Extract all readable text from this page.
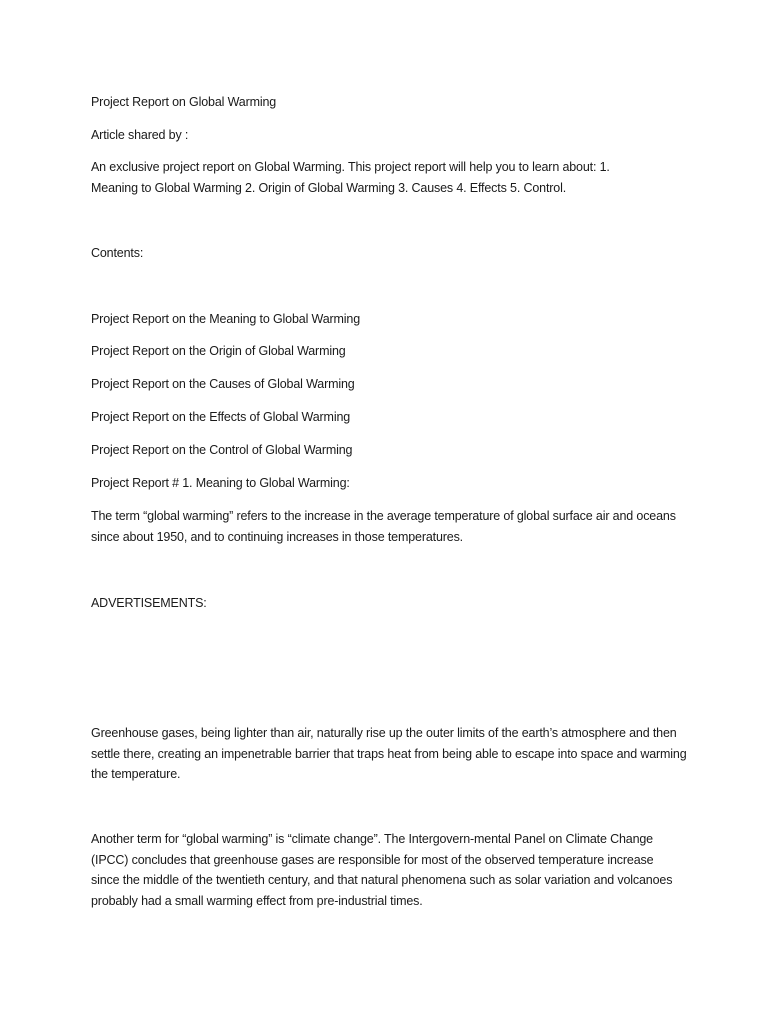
Project Report on Global Warming

Article shared by :

An exclusive project report on Global Warming. This project report will help you to learn about: 1. Meaning to Global Warming 2. Origin of Global Warming 3. Causes 4. Effects 5. Control.

Contents:

Project Report on the Meaning to Global Warming

Project Report on the Origin of Global Warming

Project Report on the Causes of Global Warming

Project Report on the Effects of Global Warming

Project Report on the Control of Global Warming

Project Report # 1. Meaning to Global Warming:

The term “global warming” refers to the increase in the average temperature of global surface air and oceans since about 1950, and to continuing increases in those temperatures.

ADVERTISEMENTS:

Greenhouse gases, being lighter than air, naturally rise up the outer limits of the earth’s atmosphere and then settle there, creating an impenetrable barrier that traps heat from being able to escape into space and warming the temperature.

Another term for “global warming” is “climate change”. The Intergovern-mental Panel on Climate Change (IPCC) concludes that greenhouse gases are responsible for most of the observed temperature increase since the middle of the twentieth century, and that natural phenomena such as solar variation and volcanoes probably had a small warming effect from pre-industrial times.
